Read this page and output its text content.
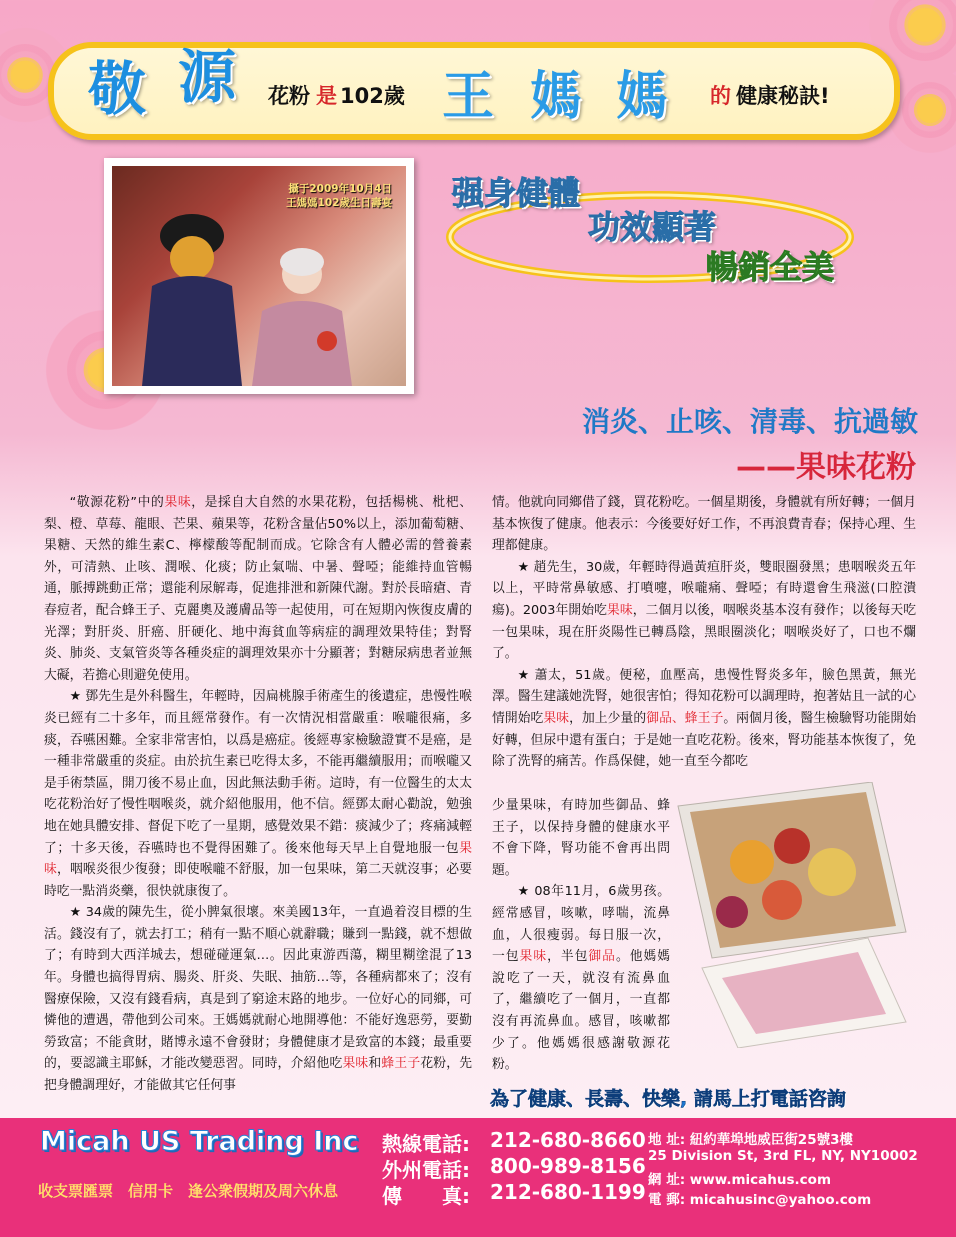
敬 源 花粉 是 102歲 王 媽 媽 的 健康秘訣!
攝于2009年10月4日
王媽媽102歲生日壽宴 强身健體
功效顯著
暢銷全美
消炎、止咳、清毒、抗過敏
——果味花粉

“敬源花粉”中的果味，是採自大自然的水果花粉，包括楊桃、枇杷、梨、橙、草莓、龍眼、芒果、蘋果等，花粉含量佔50%以上，添加葡萄糖、果糖、天然的維生素C、檸檬酸等配制而成。它除含有人體必需的營養素外，可清熱、止咳、潤喉、化痰；防止氣喘、中暑、聲啞；能維持血管暢通，脈搏跳動正常；還能利尿解毒，促進排泄和新陳代謝。對於長暗瘡、青春痘者，配合蜂王子、克麗奧及護膚品等一起使用，可在短期內恢復皮膚的光澤；對肝炎、肝癌、肝硬化、地中海貧血等病症的調理效果特佳；對腎炎、肺炎、支氣管炎等各種炎症的調理效果亦十分顯著；對糖尿病患者並無大礙，若擔心則避免使用。

★ 鄧先生是外科醫生，年輕時，因扁桃腺手術產生的後遺症，患慢性喉炎已經有二十多年，而且經常發作。有一次情況相當嚴重：喉嚨很痛，多痰，吞嚥困難。全家非常害怕，以爲是癌症。後經專家檢驗證實不是癌，是一種非常嚴重的炎症。由於抗生素已吃得太多，不能再繼續服用；而喉嚨又是手術禁區，開刀後不易止血，因此無法動手術。這時，有一位醫生的太太吃花粉治好了慢性咽喉炎，就介紹他服用，他不信。經鄧太耐心勸說，勉強地在她具體安排、督促下吃了一星期，感覺效果不錯：痰減少了；疼痛減輕了；十多天後，吞嚥時也不覺得困難了。後來他每天早上自覺地服一包果味，咽喉炎很少復發；即使喉嚨不舒服，加一包果味，第二天就沒事；必要時吃一點消炎藥，很快就康復了。

★ 34歲的陳先生，從小脾氣很壞。來美國13年，一直過着沒目標的生活。錢沒有了，就去打工；稍有一點不順心就辭職；賺到一點錢，就不想做了；有時到大西洋城去，想碰碰運氣…。因此東游西蕩，糊里糊塗混了13年。身體也搞得胃病、腸炎、肝炎、失眠、抽筋…等，各種病都來了；沒有醫療保險，又沒有錢看病，真是到了窮途末路的地步。一位好心的同鄉，可憐他的遭遇，帶他到公司來。王媽媽就耐心地開導他：不能好逸惡勞，要勤勞致富；不能貪財，賭博永遠不會發財；身體健康才是致富的本錢；最重要的，要認識主耶穌，才能改變惡習。同時，介紹他吃果味和蜂王子花粉，先把身體調理好，才能做其它任何事

情。他就向同鄉借了錢，買花粉吃。一個星期後，身體就有所好轉；一個月基本恢復了健康。他表示：今後要好好工作，不再浪費青春；保持心理、生理都健康。

★ 趙先生，30歲，年輕時得過黃疸肝炎，雙眼圈發黑；患咽喉炎五年以上，平時常鼻敏感、打噴嚏，喉嚨痛、聲啞；有時還會生飛滋(口腔潰瘍)。2003年開始吃果味，二個月以後，咽喉炎基本沒有發作；以後每天吃一包果味，現在肝炎陽性已轉爲陰，黑眼圈淡化；咽喉炎好了，口也不爛了。

★ 蕭太，51歲。便秘，血壓高，患慢性腎炎多年，臉色黑黃，無光澤。醫生建議她洗腎，她很害怕；得知花粉可以調理時，抱著姑且一試的心情開始吃果味，加上少量的御品、蜂王子。兩個月後，醫生檢驗腎功能開始好轉，但尿中還有蛋白；于是她一直吃花粉。後來，腎功能基本恢復了，免除了洗腎的痛苦。作爲保健，她一直至今都吃

少量果味，有時加些御品、蜂王子，以保持身體的健康水平不會下降，腎功能不會再出問題。

★ 08年11月，6歲男孩。經常感冒，咳嗽，哮喘，流鼻血，人很瘦弱。每日服一次，一包果味，半包御品。他媽媽說吃了一天，就沒有流鼻血了，繼續吃了一個月，一直都沒有再流鼻血。感冒，咳嗽都少了。他媽媽很感謝敬源花粉。

為了健康、長壽、快樂, 請馬上打電話咨詢
Micah US Trading Inc
收支票匯票　信用卡　逢公衆假期及周六休息
熱線電話: 212-680-8660
外州電話: 800-989-8156
傳　　真: 212-680-1199
地 址: 紐約華埠地威臣街25號3樓
25 Division St, 3rd FL, NY, NY10002
網 址: www.micahus.com
電 郵: micahusinc@yahoo.com
